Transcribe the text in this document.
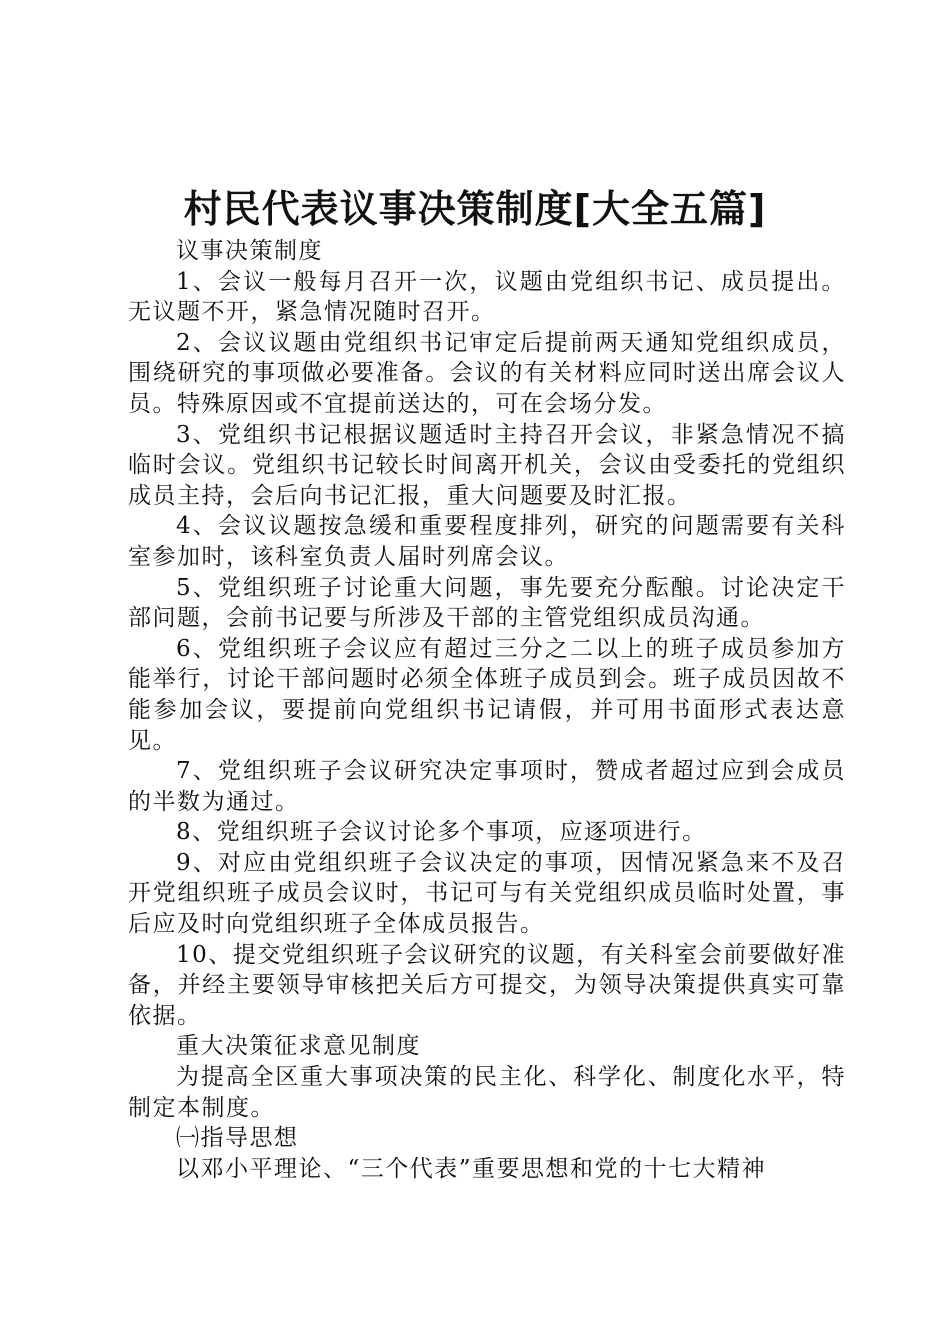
村民代表议事决策制度[大全五篇]

议事决策制度

1、会议一般每月召开一次，议题由党组织书记、成员提出。无议题不开，紧急情况随时召开。

2、会议议题由党组织书记审定后提前两天通知党组织成员，围绕研究的事项做必要准备。会议的有关材料应同时送出席会议人员。特殊原因或不宜提前送达的，可在会场分发。

3、党组织书记根据议题适时主持召开会议，非紧急情况不搞临时会议。党组织书记较长时间离开机关，会议由受委托的党组织成员主持，会后向书记汇报，重大问题要及时汇报。

4、会议议题按急缓和重要程度排列，研究的问题需要有关科室参加时，该科室负责人届时列席会议。

5、党组织班子讨论重大问题，事先要充分酝酿。讨论决定干部问题，会前书记要与所涉及干部的主管党组织成员沟通。

6、党组织班子会议应有超过三分之二以上的班子成员参加方能举行，讨论干部问题时必须全体班子成员到会。班子成员因故不能参加会议，要提前向党组织书记请假，并可用书面形式表达意见。

7、党组织班子会议研究决定事项时，赞成者超过应到会成员的半数为通过。

8、党组织班子会议讨论多个事项，应逐项进行。

9、对应由党组织班子会议决定的事项，因情况紧急来不及召开党组织班子成员会议时，书记可与有关党组织成员临时处置，事后应及时向党组织班子全体成员报告。

10、提交党组织班子会议研究的议题，有关科室会前要做好准备，并经主要领导审核把关后方可提交，为领导决策提供真实可靠依据。

重大决策征求意见制度

为提高全区重大事项决策的民主化、科学化、制度化水平，特制定本制度。

㈠指导思想

以邓小平理论、“三个代表”重要思想和党的十七大精神
